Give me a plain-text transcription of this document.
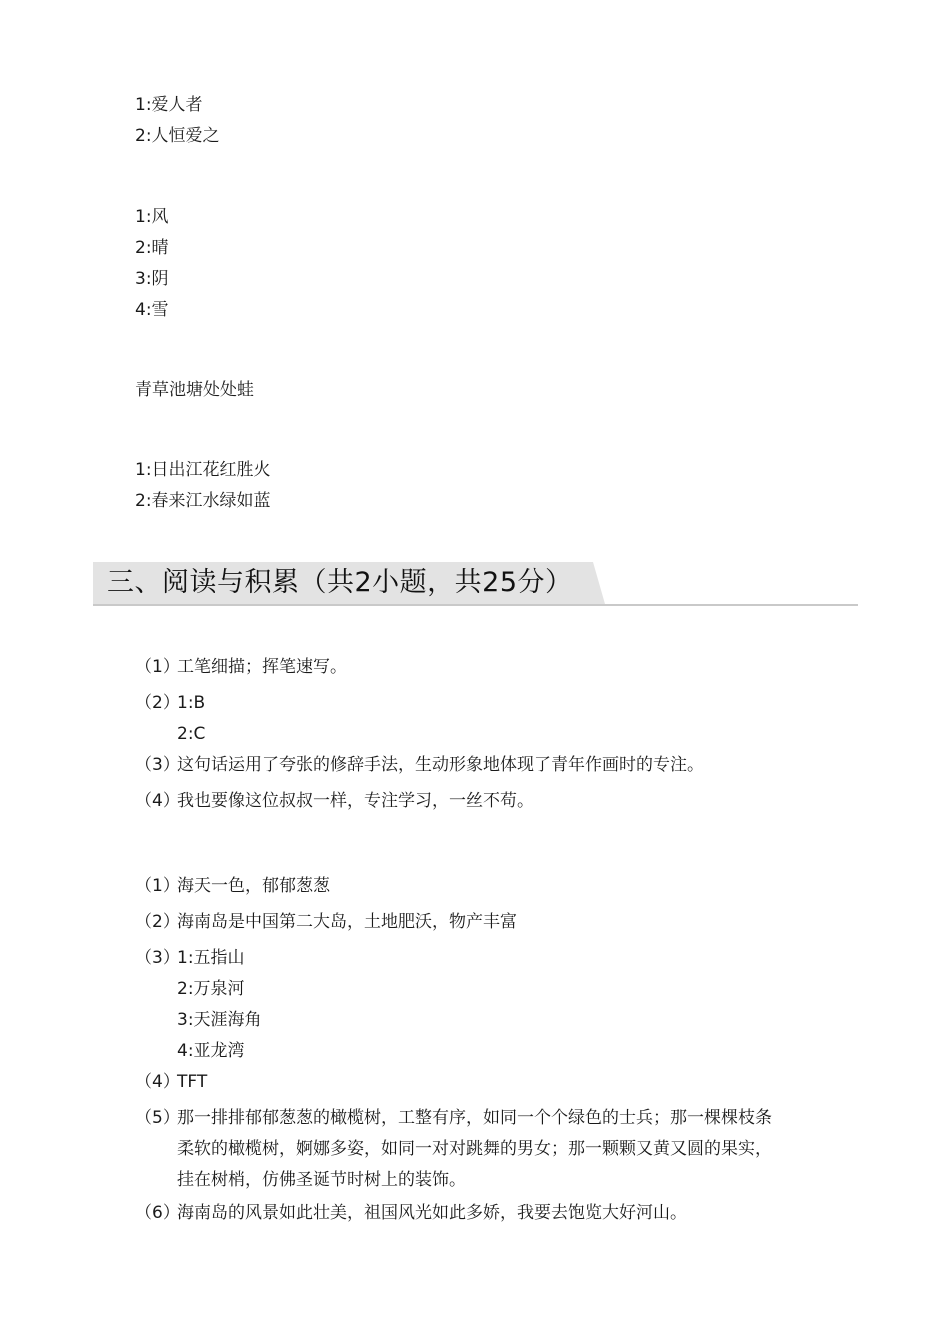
1:爱人者
2:人恒爱之
1:风
2:晴
3:阴
4:雪
青草池塘处处蛙
1:日出江花红胜火
2:春来江水绿如蓝
三、阅读与积累（共2小题，共25分）
（1）
工笔细描；挥笔速写。
（2）
1:B
2:C
（3）
这句话运用了夸张的修辞手法，生动形象地体现了青年作画时的专注。
（4）
我也要像这位叔叔一样，专注学习，一丝不苟。
（1）
海天一色，郁郁葱葱
（2）
海南岛是中国第二大岛，土地肥沃，物产丰富
（3）
1:五指山
2:万泉河
3:天涯海角
4:亚龙湾
（4）
TFT
（5）
那一排排郁郁葱葱的橄榄树，工整有序，如同一个个绿色的士兵；那一棵棵枝条
柔软的橄榄树，婀娜多姿，如同一对对跳舞的男女；那一颗颗又黄又圆的果实，
挂在树梢，仿佛圣诞节时树上的装饰。
（6）
海南岛的风景如此壮美，祖国风光如此多娇，我要去饱览大好河山。
